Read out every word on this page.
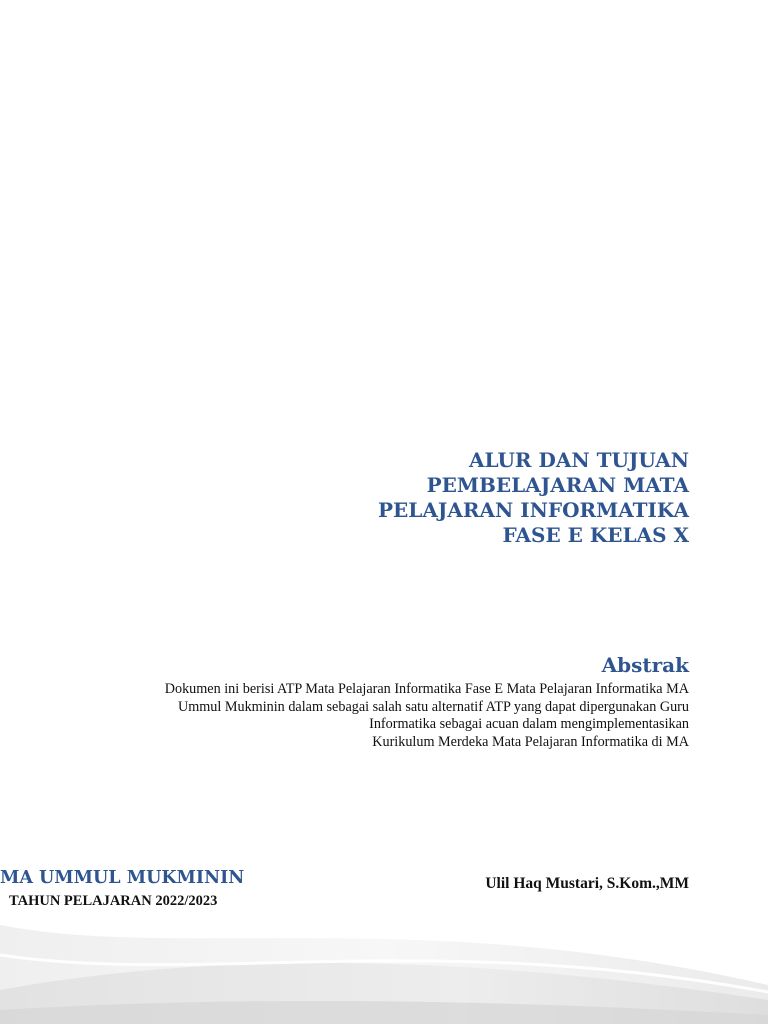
ALUR DAN TUJUAN
PEMBELAJARAN MATA
PELAJARAN INFORMATIKA
FASE E KELAS X
Abstrak
Dokumen ini berisi ATP Mata Pelajaran Informatika Fase E Mata Pelajaran Informatika MA
Ummul Mukminin dalam sebagai salah satu alternatif ATP yang dapat dipergunakan Guru
Informatika sebagai acuan dalam mengimplementasikan
Kurikulum Merdeka Mata Pelajaran Informatika di MA
MA UMMUL MUKMININ
TAHUN PELAJARAN 2022/2023
Ulil Haq Mustari, S.Kom.,MM
